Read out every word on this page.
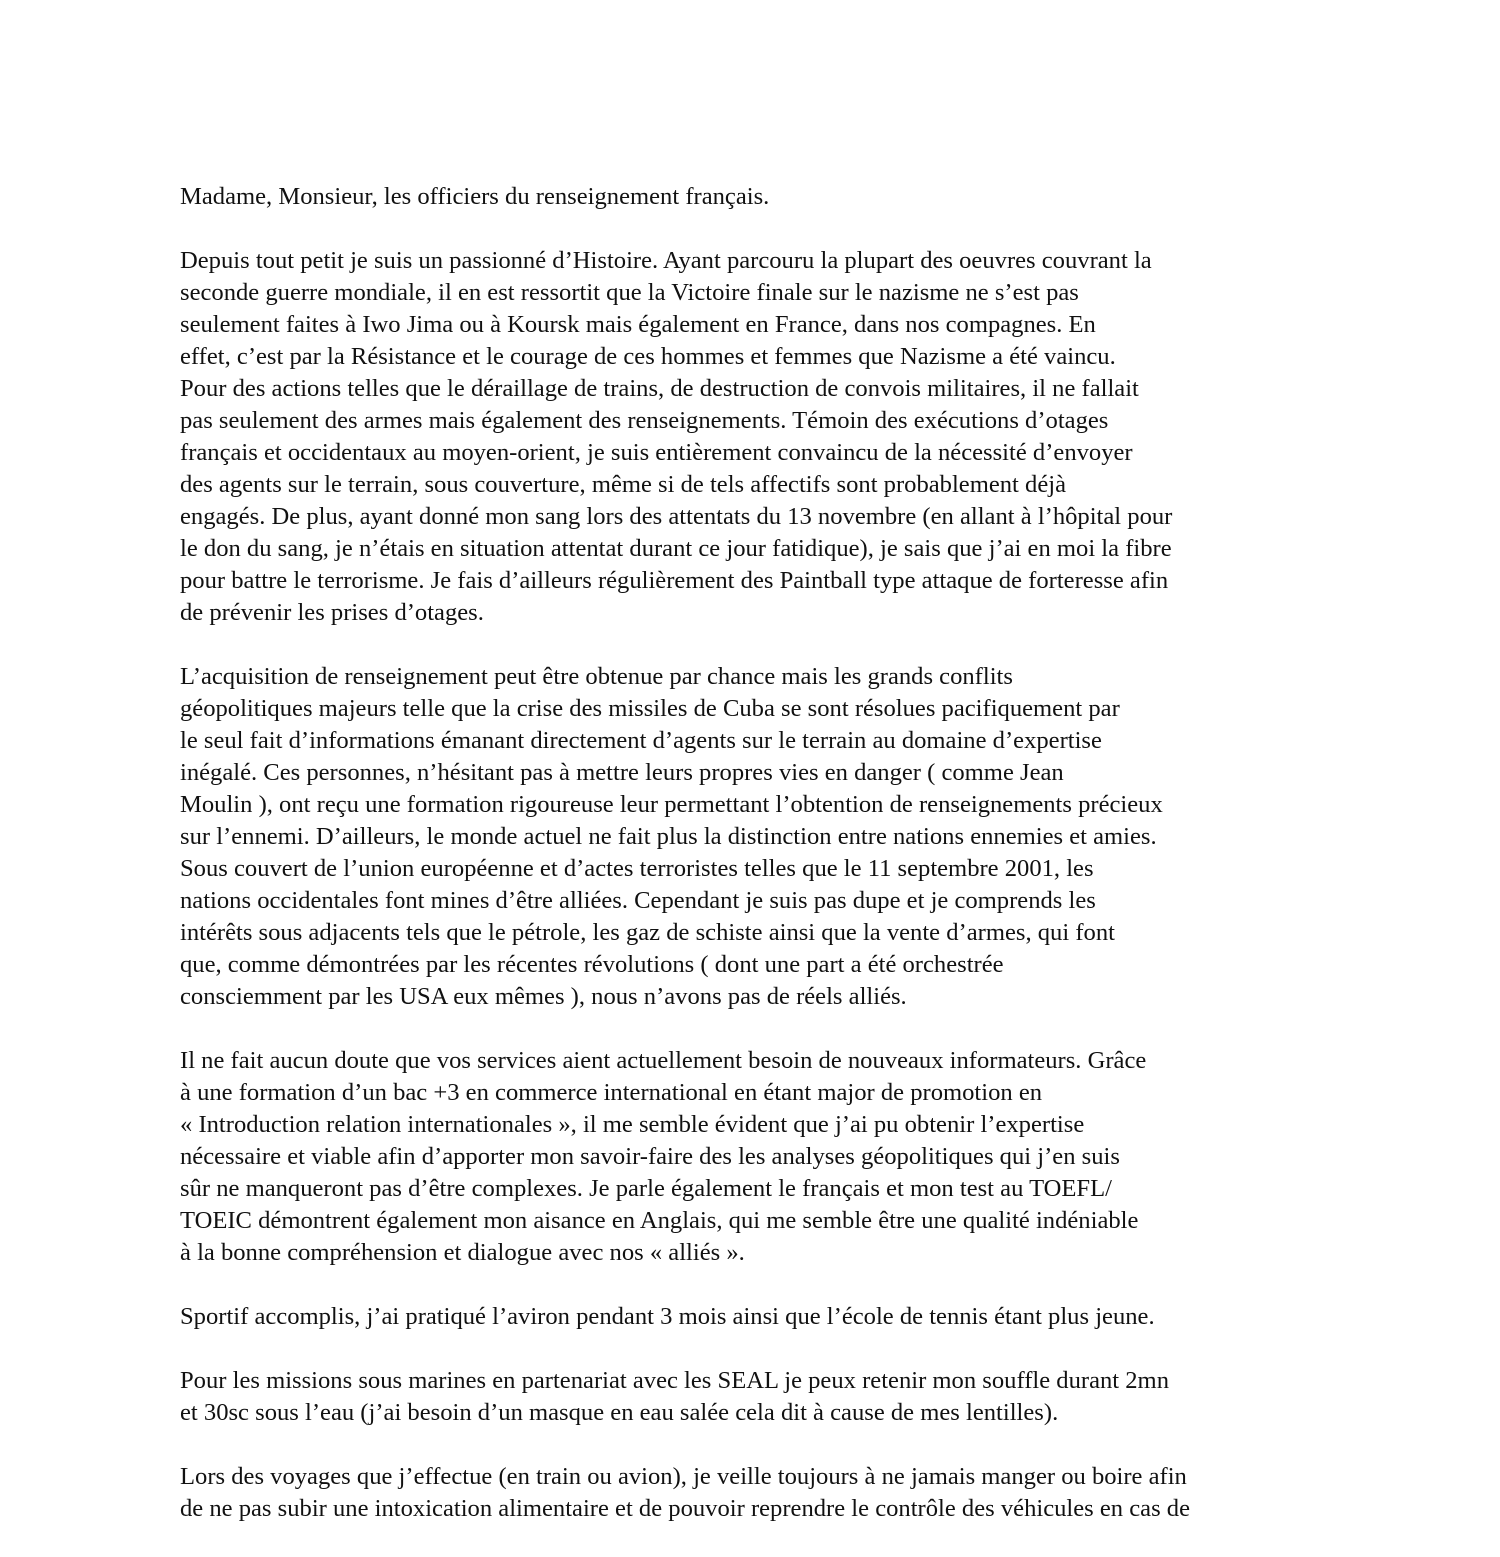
Madame, Monsieur, les officiers du renseignement français.

Depuis tout petit je suis un passionné d’Histoire. Ayant parcouru la plupart des oeuvres couvrant la
seconde guerre mondiale, il en est ressortit que la Victoire finale sur le nazisme ne s’est pas
seulement faites à Iwo Jima ou à Koursk mais également en France, dans nos compagnes. En
effet, c’est par la Résistance et le courage de ces hommes et femmes que Nazisme a été vaincu.
Pour des actions telles que le déraillage de trains, de destruction de convois militaires, il ne fallait
pas seulement des armes mais également des renseignements. Témoin des exécutions d’otages
français et occidentaux au moyen-orient, je suis entièrement convaincu de la nécessité d’envoyer
des agents sur le terrain, sous couverture, même si de tels affectifs sont probablement déjà
engagés. De plus, ayant donné mon sang lors des attentats du 13 novembre (en allant à l’hôpital pour
le don du sang, je n’étais en situation attentat durant ce jour fatidique), je sais que j’ai en moi la fibre
pour battre le terrorisme. Je fais d’ailleurs régulièrement des Paintball type attaque de forteresse afin
de prévenir les prises d’otages.

L’acquisition de renseignement peut être obtenue par chance mais les grands conflits
géopolitiques majeurs telle que la crise des missiles de Cuba se sont résolues pacifiquement par
le seul fait d’informations émanant directement d’agents sur le terrain au domaine d’expertise
inégalé. Ces personnes, n’hésitant pas à mettre leurs propres vies en danger ( comme Jean
Moulin ), ont reçu une formation rigoureuse leur permettant l’obtention de renseignements précieux
sur l’ennemi. D’ailleurs, le monde actuel ne fait plus la distinction entre nations ennemies et amies.
Sous couvert de l’union européenne et d’actes terroristes telles que le 11 septembre 2001, les
nations occidentales font mines d’être alliées. Cependant je suis pas dupe et je comprends les
intérêts sous adjacents tels que le pétrole, les gaz de schiste ainsi que la vente d’armes, qui font
que, comme démontrées par les récentes révolutions ( dont une part a été orchestrée
consciemment par les USA eux mêmes ), nous n’avons pas de réels alliés.

Il ne fait aucun doute que vos services aient actuellement besoin de nouveaux informateurs. Grâce
à une formation d’un bac +3 en commerce international en étant major de promotion en
« Introduction relation internationales », il me semble évident que j’ai pu obtenir l’expertise
nécessaire et viable afin d’apporter mon savoir-faire des les analyses géopolitiques qui j’en suis
sûr ne manqueront pas d’être complexes. Je parle également le français et mon test au TOEFL/
TOEIC démontrent également mon aisance en Anglais, qui me semble être une qualité indéniable
à la bonne compréhension et dialogue avec nos « alliés ».

Sportif accomplis, j’ai pratiqué l’aviron pendant 3 mois ainsi que l’école de tennis étant plus jeune.

Pour les missions sous marines en partenariat avec les SEAL je peux retenir mon souffle durant 2mn
et 30sc sous l’eau (j’ai besoin d’un masque en eau salée cela dit à cause de mes lentilles).

Lors des voyages que j’effectue (en train ou avion), je veille toujours à ne jamais manger ou boire afin
de ne pas subir une intoxication alimentaire et de pouvoir reprendre le contrôle des véhicules en cas de
